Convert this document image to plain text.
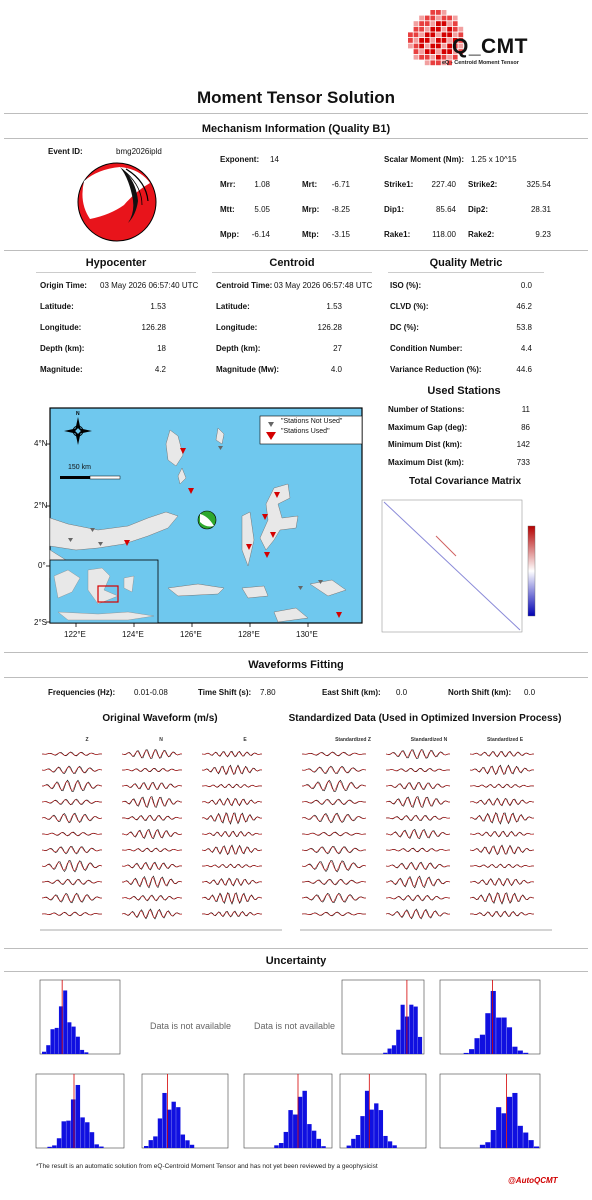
Q_CMT
eQ - Centroid Moment Tensor
Moment Tensor Solution
Mechanism Information (Quality B1)
Event ID:	bmg2026ipld
Exponent: 14	Scalar Moment (Nm): 1.25 x 10^15
Mrr:	1.08	Mrt:	-6.71
Mtt:	5.05	Mrp:	-8.25
Mpp:	-6.14	Mtp:	-3.15
Strike1:	227.40 Strike2:	325.54
Dip1:	85.64 Dip2:	28.31
Rake1:	118.00 Rake2:	9.23
Hypocenter	Centroid	Quality Metric
Origin Time: 03 May 2026 06:57:40 UTC
Latitude:	1.53
Longitude:	126.28
Depth (km):	18
Magnitude:	4.2
Centroid Time: 03 May 2026 06:57:48 UTC
Latitude:	1.53
Longitude:	126.28
Depth (km):	27
Magnitude (Mw):	4.0
ISO (%):	0.0
CLVD (%):	46.2
DC (%):	53.8
Condition Number:	4.4
Variance Reduction (%):	44.6
N
"Stations Not Used"
"Stations Used"
150 km
4°N
2°N
0°
2°S
122°E	124°E	126°E	128°E	130°E
Used Stations
Number of Stations:	11
Maximum Gap (deg):	86
Minimum Dist (km):	142
Maximum Dist (km):	733
Total Covariance Matrix
Waveforms Fitting
Frequencies (Hz): 0.01-0.08	Time Shift (s): 7.80	East Shift (km): 0.0	North Shift (km): 0.0
Original Waveform (m/s)	Standardized Data (Used in Optimized Inversion Process)
Z	N	E	Standardized Z	Standardized N	Standardized E
Uncertainty
Data is not available	Data is not available
*The result is an automatic solution from eQ-Centroid Moment Tensor and has not yet been reviewed by a geophysicist
@AutoQCMT
